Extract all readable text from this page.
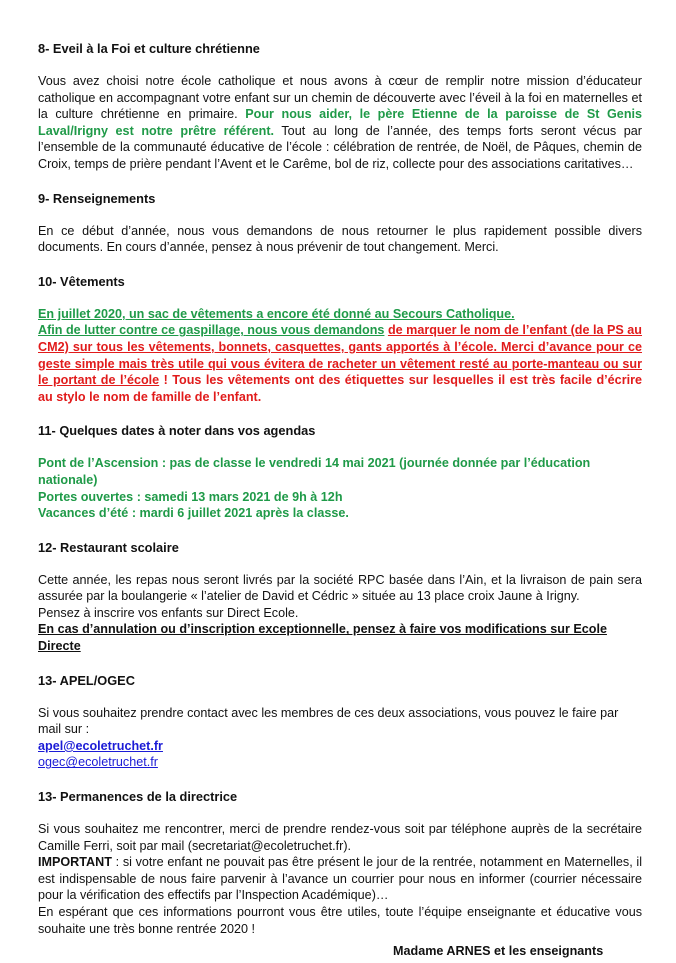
8- Eveil à la Foi et culture chrétienne

Vous avez choisi notre école catholique et nous avons à cœur de remplir notre mission d’éducateur catholique en accompagnant votre enfant sur un chemin de découverte avec l’éveil à la foi en maternelles et la culture chrétienne en primaire. Pour nous aider, le père Etienne de la paroisse de St Genis Laval/Irigny est notre prêtre référent. Tout au long de l’année, des temps forts seront vécus par l’ensemble de la communauté éducative de l’école : célébration de rentrée, de Noël, de Pâques, chemin de Croix, temps de prière pendant l’Avent et le Carême, bol de riz, collecte pour des associations caritatives…

9- Renseignements

En ce début d’année, nous vous demandons de nous retourner le plus rapidement possible divers documents. En cours d’année, pensez à nous prévenir de tout changement. Merci.

10- Vêtements

En juillet 2020, un sac de vêtements a encore été donné au Secours Catholique.

Afin de lutter contre ce gaspillage, nous vous demandons de marquer le nom de l’enfant (de la PS au CM2) sur tous les vêtements, bonnets, casquettes, gants apportés à l’école. Merci d’avance pour ce geste simple mais très utile qui vous évitera de racheter un vêtement resté au porte-manteau ou sur le portant de l’école ! Tous les vêtements ont des étiquettes sur lesquelles il est très facile d’écrire au stylo le nom de famille de l’enfant.

11- Quelques dates à noter dans vos agendas

Pont de l’Ascension : pas de classe le vendredi 14 mai 2021 (journée donnée par l’éducation nationale)

Portes ouvertes : samedi 13 mars 2021 de 9h à 12h

Vacances d’été : mardi 6 juillet 2021 après la classe.

12- Restaurant scolaire

Cette année, les repas nous seront livrés par la société RPC basée dans l’Ain, et la livraison de pain sera assurée par la boulangerie « l’atelier de David et Cédric » située au 13 place croix Jaune à Irigny.

Pensez à inscrire vos enfants sur Direct Ecole.

En cas d’annulation ou d’inscription exceptionnelle, pensez à faire vos modifications sur Ecole Directe

13- APEL/OGEC

Si vous souhaitez prendre contact avec les membres de ces deux associations, vous pouvez le faire par mail sur :

apel@ecoletruchet.fr

ogec@ecoletruchet.fr

13- Permanences de la directrice

Si vous souhaitez me rencontrer, merci de prendre rendez-vous soit par téléphone auprès de la secrétaire Camille Ferri, soit par mail (secretariat@ecoletruchet.fr).

IMPORTANT : si votre enfant ne pouvait pas être présent le jour de la rentrée, notamment en Maternelles, il est indispensable de nous faire parvenir à l’avance un courrier pour nous en informer (courrier nécessaire pour la vérification des effectifs par l’Inspection Académique)…

En espérant que ces informations pourront vous être utiles, toute l’équipe enseignante et éducative vous souhaite une très bonne rentrée 2020 !

Madame ARNES et les enseignants
